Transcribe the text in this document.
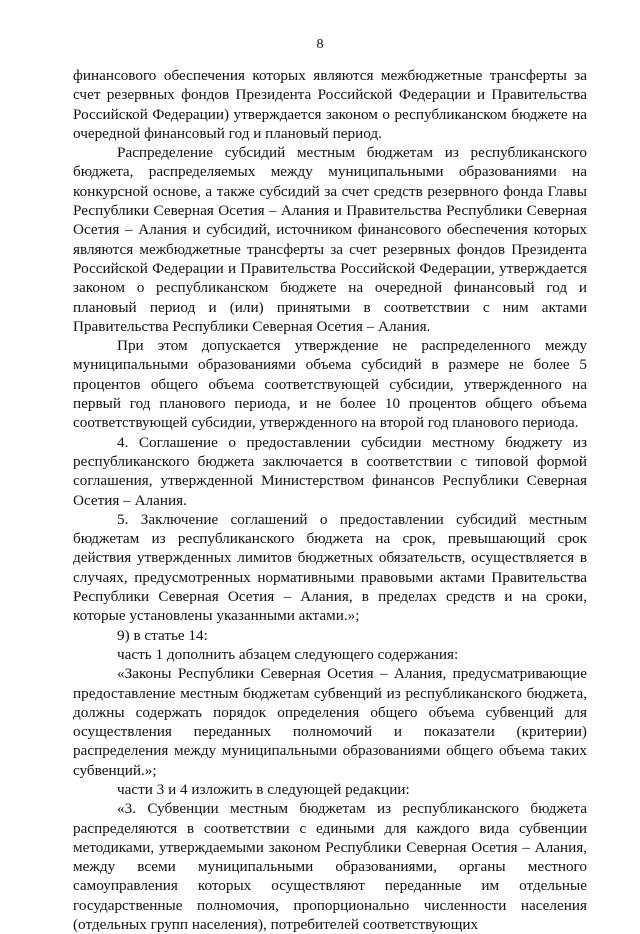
8

финансового обеспечения которых являются межбюджетные трансферты за счет резервных фондов Президента Российской Федерации и Правительства Российской Федерации) утверждается законом о республиканском бюджете на очередной финансовый год и плановый период.

Распределение субсидий местным бюджетам из республиканского бюджета, распределяемых между муниципальными образованиями на конкурсной основе, а также субсидий за счет средств резервного фонда Главы Республики Северная Осетия – Алания и Правительства Республики Северная Осетия – Алания и субсидий, источником финансового обеспечения которых являются межбюджетные трансферты за счет резервных фондов Президента Российской Федерации и Правительства Российской Федерации, утверждается законом о республиканском бюджете на очередной финансовый год и плановый период и (или) принятыми в соответствии с ним актами Правительства Республики Северная Осетия – Алания.

При этом допускается утверждение не распределенного между муниципальными образованиями объема субсидий в размере не более 5 процентов общего объема соответствующей субсидии, утвержденного на первый год планового периода, и не более 10 процентов общего объема соответствующей субсидии, утвержденного на второй год планового периода.

4. Соглашение о предоставлении субсидии местному бюджету из республиканского бюджета заключается в соответствии с типовой формой соглашения, утвержденной Министерством финансов Республики Северная Осетия – Алания.

5. Заключение соглашений о предоставлении субсидий местным бюджетам из республиканского бюджета на срок, превышающий срок действия утвержденных лимитов бюджетных обязательств, осуществляется в случаях, предусмотренных нормативными правовыми актами Правительства Республики Северная Осетия – Алания, в пределах средств и на сроки, которые установлены указанными актами.»;

9) в статье 14:

часть 1 дополнить абзацем следующего содержания:

«Законы Республики Северная Осетия – Алания, предусматривающие предоставление местным бюджетам субвенций из республиканского бюджета, должны содержать порядок определения общего объема субвенций для осуществления переданных полномочий и показатели (критерии) распределения между муниципальными образованиями общего объема таких субвенций.»;

части 3 и 4 изложить в следующей редакции:

«3. Субвенции местным бюджетам из республиканского бюджета распределяются в соответствии с едиными для каждого вида субвенции методиками, утверждаемыми законом Республики Северная Осетия – Алания, между всеми муниципальными образованиями, органы местного самоуправления которых осуществляют переданные им отдельные государственные полномочия, пропорционально численности населения (отдельных групп населения), потребителей соответствующих
